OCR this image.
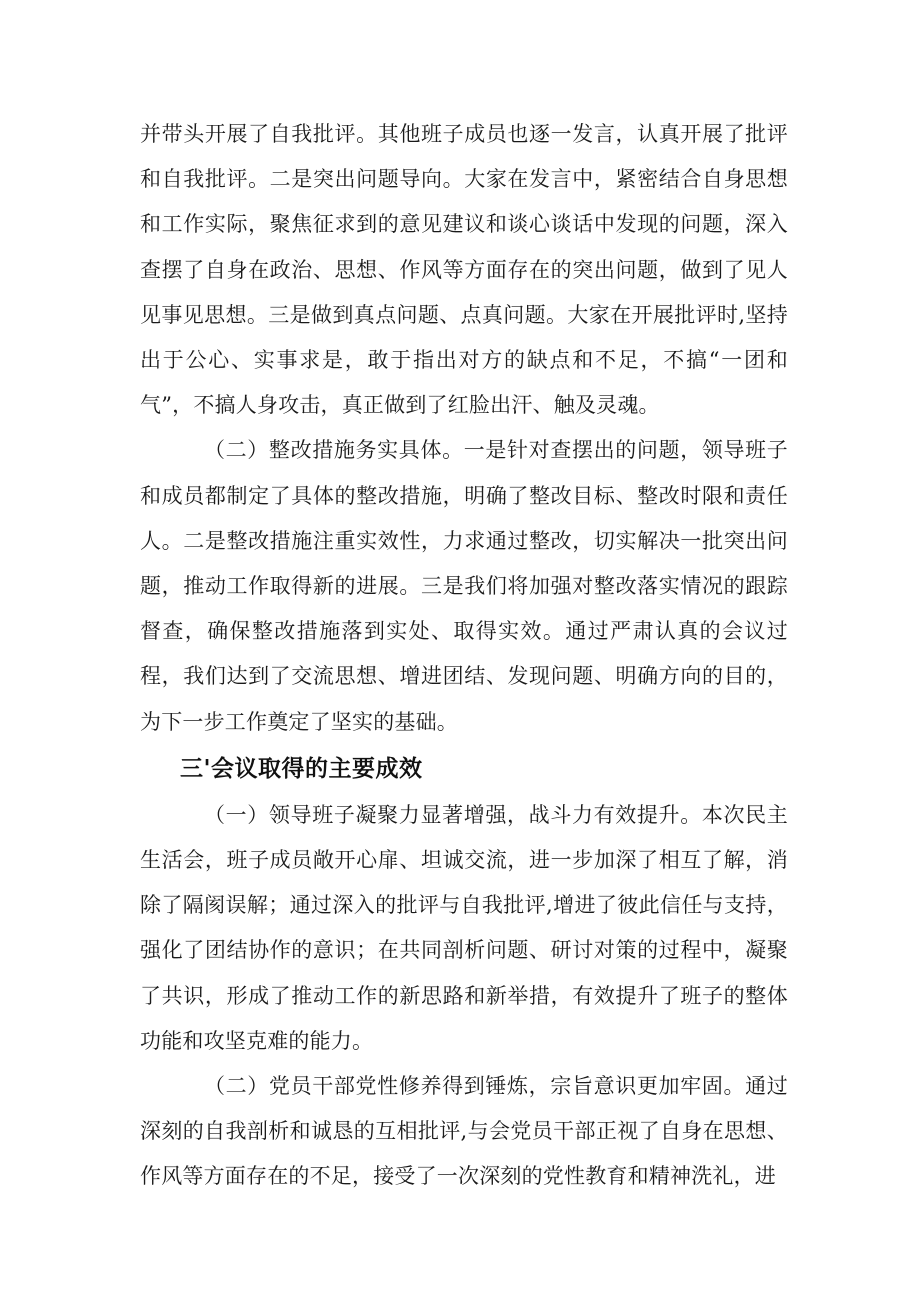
并带头开展了自我批评。其他班子成员也逐一发言，认真开展了批评和自我批评。二是突出问题导向。大家在发言中，紧密结合自身思想和工作实际，聚焦征求到的意见建议和谈心谈话中发现的问题，深入查摆了自身在政治、思想、作风等方面存在的突出问题，做到了见人见事见思想。三是做到真点问题、点真问题。大家在开展批评时,坚持出于公心、实事求是，敢于指出对方的缺点和不足，不搞“一团和气”，不搞人身攻击，真正做到了红脸出汗、触及灵魂。

（二）整改措施务实具体。一是针对查摆出的问题，领导班子和成员都制定了具体的整改措施，明确了整改目标、整改时限和责任人。二是整改措施注重实效性，力求通过整改，切实解决一批突出问题，推动工作取得新的进展。三是我们将加强对整改落实情况的跟踪督查，确保整改措施落到实处、取得实效。通过严肃认真的会议过程，我们达到了交流思想、增进团结、发现问题、明确方向的目的，为下一步工作奠定了坚实的基础。

三'会议取得的主要成效

（一）领导班子凝聚力显著增强，战斗力有效提升。本次民主生活会，班子成员敞开心扉、坦诚交流，进一步加深了相互了解，消除了隔阂误解；通过深入的批评与自我批评,增进了彼此信任与支持，强化了团结协作的意识；在共同剖析问题、研讨对策的过程中，凝聚了共识，形成了推动工作的新思路和新举措，有效提升了班子的整体功能和攻坚克难的能力。

（二）党员干部党性修养得到锤炼，宗旨意识更加牢固。通过深刻的自我剖析和诚恳的互相批评,与会党员干部正视了自身在思想、作风等方面存在的不足，接受了一次深刻的党性教育和精神洗礼，进
